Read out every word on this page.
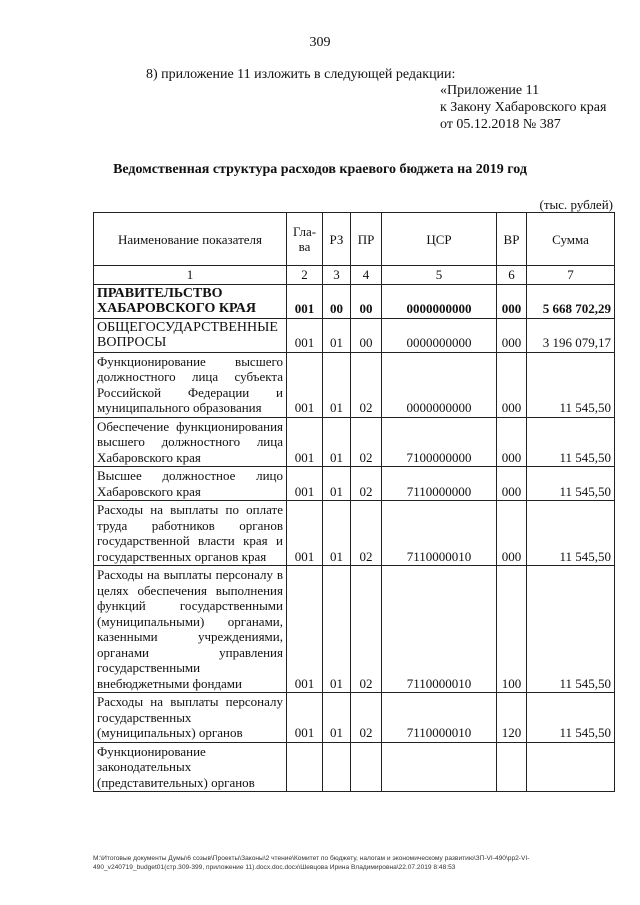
309
8) приложение 11 изложить в следующей редакции:
«Приложение 11
к Закону Хабаровского края
от 05.12.2018 № 387
Ведомственная структура расходов краевого бюджета на 2019 год
(тыс. рублей)
Наименование показателя	Гла-ва	РЗ	ПР	ЦСР	ВР	Сумма
1	2	3	4	5	6	7
ПРАВИТЕЛЬСТВО ХАБАРОВСКОГО КРАЯ	001	00	00	0000000000	000	5 668 702,29
ОБЩЕГОСУДАРСТВЕННЫЕ ВОПРОСЫ	001	01	00	0000000000	000	3 196 079,17
Функционирование высшего должностного лица субъекта Российской Федерации и муниципального образования	001	01	02	0000000000	000	11 545,50
Обеспечение функционирования высшего должностного лица Хабаровского края	001	01	02	7100000000	000	11 545,50
Высшее должностное лицо Хабаровского края	001	01	02	7110000000	000	11 545,50
Расходы на выплаты по оплате труда работников органов государственной власти края и государственных органов края	001	01	02	7110000010	000	11 545,50
Расходы на выплаты персоналу в целях обеспечения выполнения функций государственными (муниципальными) органами, казенными учреждениями, органами управления государственными внебюджетными фондами	001	01	02	7110000010	100	11 545,50
Расходы на выплаты персоналу государственных (муниципальных) органов	001	01	02	7110000010	120	11 545,50
Функционирование законодательных (представительных) органов						
M:\Итоговые документы Думы\6 созыв\Проекты\Законы\2 чтение\Комитет по бюджету, налогам и экономическому развитию\ЗП-VI-490\pp2-VI-
490_v240719_budget01(стр.309-399, приложение 11).docx.doc.docx\Шевцова Ирина Владимировна\22.07.2019 8:48:53
